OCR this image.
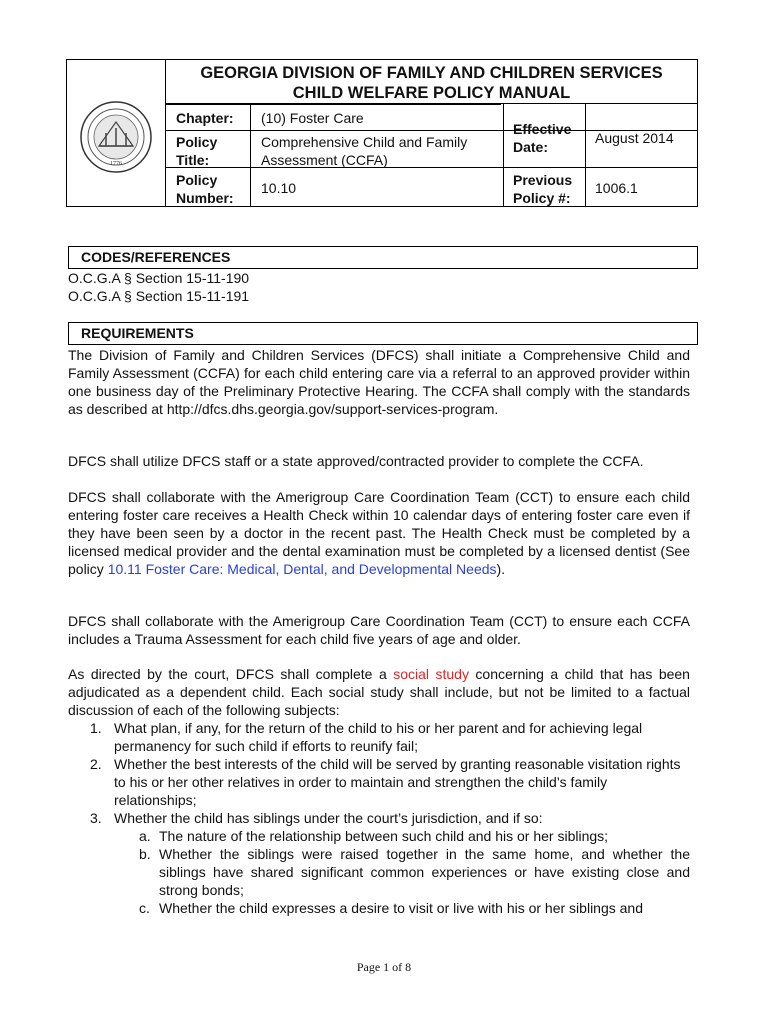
1776
GEORGIA DIVISION OF FAMILY AND CHILDREN SERVICES
CHILD WELFARE POLICY MANUAL
Chapter:	(10) Foster Care
Policy Title:
Comprehensive Child and Family Assessment (CCFA)
Policy Number:
10.10
Effective Date:
August 2014
Previous Policy #:
1006.1
CODES/REFERENCES

O.C.G.A § Section 15-11-190

O.C.G.A § Section 15-11-191

REQUIREMENTS

The Division of Family and Children Services (DFCS) shall initiate a Comprehensive Child and Family Assessment (CCFA) for each child entering care via a referral to an approved provider within one business day of the Preliminary Protective Hearing. The CCFA shall comply with the standards as described at http://dfcs.dhs.georgia.gov/support-services-program.

DFCS shall utilize DFCS staff or a state approved/contracted provider to complete the CCFA.

DFCS shall collaborate with the Amerigroup Care Coordination Team (CCT) to ensure each child entering foster care receives a Health Check within 10 calendar days of entering foster care even if they have been seen by a doctor in the recent past. The Health Check must be completed by a licensed medical provider and the dental examination must be completed by a licensed dentist (See policy 10.11 Foster Care: Medical, Dental, and Developmental Needs).

DFCS shall collaborate with the Amerigroup Care Coordination Team (CCT) to ensure each CCFA includes a Trauma Assessment for each child five years of age and older.

As directed by the court, DFCS shall complete a social study concerning a child that has been adjudicated as a dependent child. Each social study shall include, but not be limited to a factual discussion of each of the following subjects:

1. What plan, if any, for the return of the child to his or her parent and for achieving legal permanency for such child if efforts to reunify fail;
2. Whether the best interests of the child will be served by granting reasonable visitation rights to his or her other relatives in order to maintain and strengthen the child’s family relationships;
3. Whether the child has siblings under the court’s jurisdiction, and if so:
a. The nature of the relationship between such child and his or her siblings;
b. Whether the siblings were raised together in the same home, and whether the siblings have shared significant common experiences or have existing close and strong bonds;
c. Whether the child expresses a desire to visit or live with his or her siblings and
Page 1 of 8
